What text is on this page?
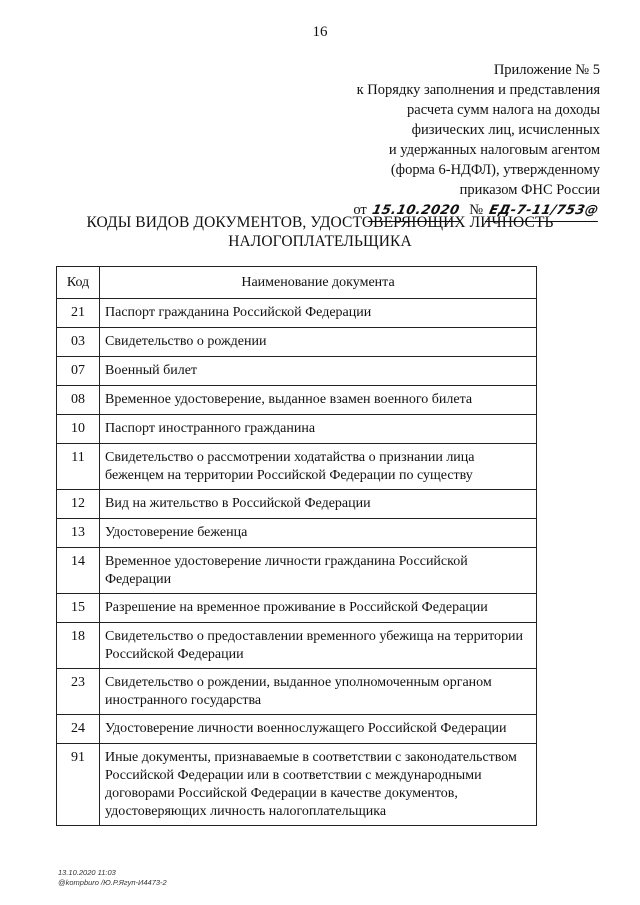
16
Приложение № 5
к Порядку заполнения и представления
расчета сумм налога на доходы
физических лиц, исчисленных
и удержанных налоговым агентом
(форма 6-НДФЛ), утвержденному
приказом ФНС России
от 15.10.2020 № ЕД-7-11/753@
КОДЫ ВИДОВ ДОКУМЕНТОВ, УДОСТОВЕРЯЮЩИХ ЛИЧНОСТЬ
НАЛОГОПЛАТЕЛЬЩИКА
Код	Наименование документа
21	Паспорт гражданина Российской Федерации
03	Свидетельство о рождении
07	Военный билет
08	Временное удостоверение, выданное взамен военного билета
10	Паспорт иностранного гражданина
11	Свидетельство о рассмотрении ходатайства о признании лица беженцем на территории Российской Федерации по существу
12	Вид на жительство в Российской Федерации
13	Удостоверение беженца
14	Временное удостоверение личности гражданина Российской Федерации
15	Разрешение на временное проживание в Российской Федерации
18	Свидетельство о предоставлении временного убежища на территории Российской Федерации
23	Свидетельство о рождении, выданное уполномоченным органом иностранного государства
24	Удостоверение личности военнослужащего Российской Федерации
91	Иные документы, признаваемые в соответствии с законодательством Российской Федерации или в соответствии с международными договорами Российской Федерации в качестве документов, удостоверяющих личность налогоплательщика
13.10.2020 11:03
@kompburo /Ю.Р.Ягуп-И4473-2
